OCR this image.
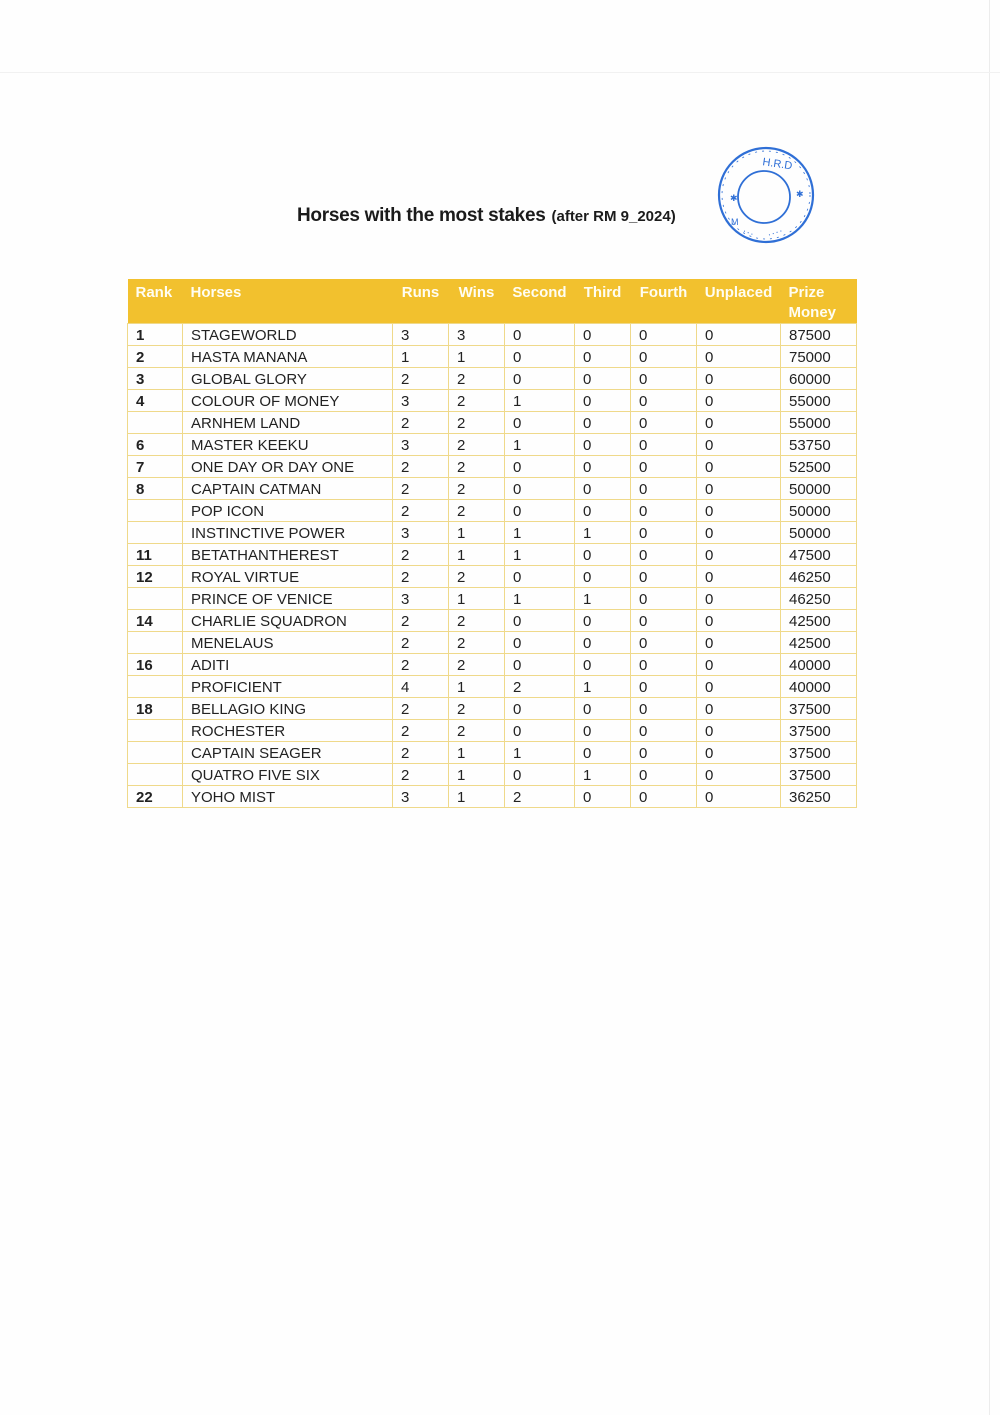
Horses with the most stakes (after RM 9_2024)
H.R.D
M
✱	✱
Rank	Horses	Runs	Wins	Second	Third	Fourth	Unplaced	Prize Money
1	STAGEWORLD	3	3	0	0	0	0	87500
2	HASTA MANANA	1	1	0	0	0	0	75000
3	GLOBAL GLORY	2	2	0	0	0	0	60000
4	COLOUR OF MONEY	3	2	1	0	0	0	55000
	ARNHEM LAND	2	2	0	0	0	0	55000
6	MASTER KEEKU	3	2	1	0	0	0	53750
7	ONE DAY OR DAY ONE	2	2	0	0	0	0	52500
8	CAPTAIN CATMAN	2	2	0	0	0	0	50000
	POP ICON	2	2	0	0	0	0	50000
	INSTINCTIVE POWER	3	1	1	1	0	0	50000
11	BETATHANTHEREST	2	1	1	0	0	0	47500
12	ROYAL VIRTUE	2	2	0	0	0	0	46250
	PRINCE OF VENICE	3	1	1	1	0	0	46250
14	CHARLIE SQUADRON	2	2	0	0	0	0	42500
	MENELAUS	2	2	0	0	0	0	42500
16	ADITI	2	2	0	0	0	0	40000
	PROFICIENT	4	1	2	1	0	0	40000
18	BELLAGIO KING	2	2	0	0	0	0	37500
	ROCHESTER	2	2	0	0	0	0	37500
	CAPTAIN SEAGER	2	1	1	0	0	0	37500
	QUATRO FIVE SIX	2	1	0	1	0	0	37500
22	YOHO MIST	3	1	2	0	0	0	36250
